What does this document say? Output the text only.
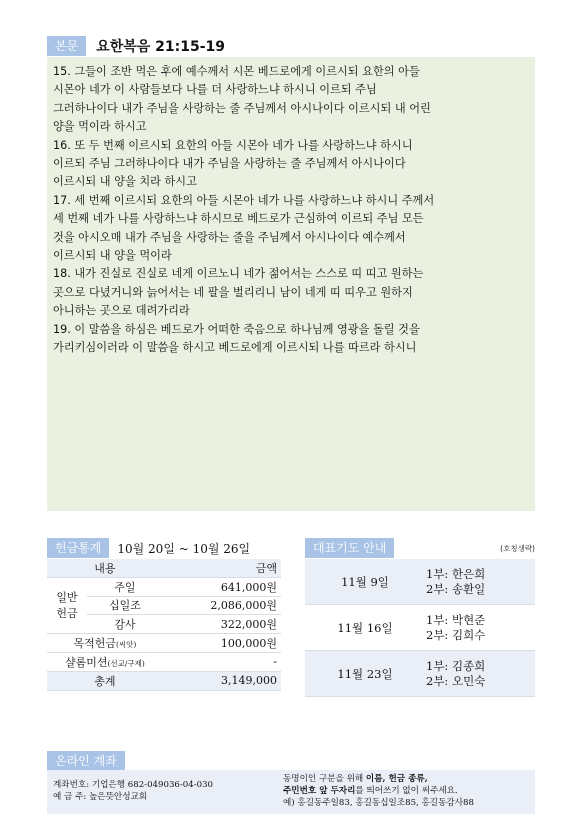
본문	요한복음 21:15-19

15. 그들이 조반 먹은 후에 예수께서 시몬 베드로에게 이르시되 요한의 아들

시몬아 네가 이 사람들보다 나를 더 사랑하느냐 하시니 이르되 주님

그러하나이다 내가 주님을 사랑하는 줄 주님께서 아시나이다 이르시되 내 어린

양을 먹이라 하시고

16. 또 두 번째 이르시되 요한의 아들 시몬아 네가 나를 사랑하느냐 하시니

이르되 주님 그러하나이다 내가 주님을 사랑하는 줄 주님께서 아시나이다

이르시되 내 양을 치라 하시고

17. 세 번째 이르시되 요한의 아들 시몬아 네가 나를 사랑하느냐 하시니 주께서

세 번째 네가 나를 사랑하느냐 하시므로 베드로가 근심하여 이르되 주님 모든

것을 아시오매 내가 주님을 사랑하는 줄을 주님께서 아시나이다 예수께서

이르시되 내 양을 먹이라

18. 내가 진실로 진실로 네게 이르노니 네가 젊어서는 스스로 띠 띠고 원하는

곳으로 다녔거니와 늙어서는 네 팔을 벌리리니 남이 네게 띠 띠우고 원하지

아니하는 곳으로 데려가리라

19. 이 말씀을 하심은 베드로가 어떠한 죽음으로 하나님께 영광을 돌릴 것을

가리키심이러라 이 말씀을 하시고 베드로에게 이르시되 나를 따르라 하시니

헌금통계	10월 20일 ~ 10월 26일
내용		금액
일반
헌금	주일	641,000원
	십일조	2,086,000원
	감사	322,000원
목적헌금(씨앗)		100,000원
샬롬미션(선교/구제)		-
총계		3,149,000
대표기도 안내	(호칭생략)
11월 9일	1부: 한은희
2부: 송환일

11월 16일	1부: 박현준
2부: 김희수

11월 23일	1부: 김종희
2부: 오민숙
온라인 계좌
계좌번호: 기업은행 682-049036-04-030
예 금 주: 높은뜻안성교회
동명이인 구분을 위해 이름, 헌금 종류,
주민번호 앞 두자리를 띄어쓰기 없이 써주세요.
예) 홍길동주일83, 홍길동십일조85, 홍길동감사88
